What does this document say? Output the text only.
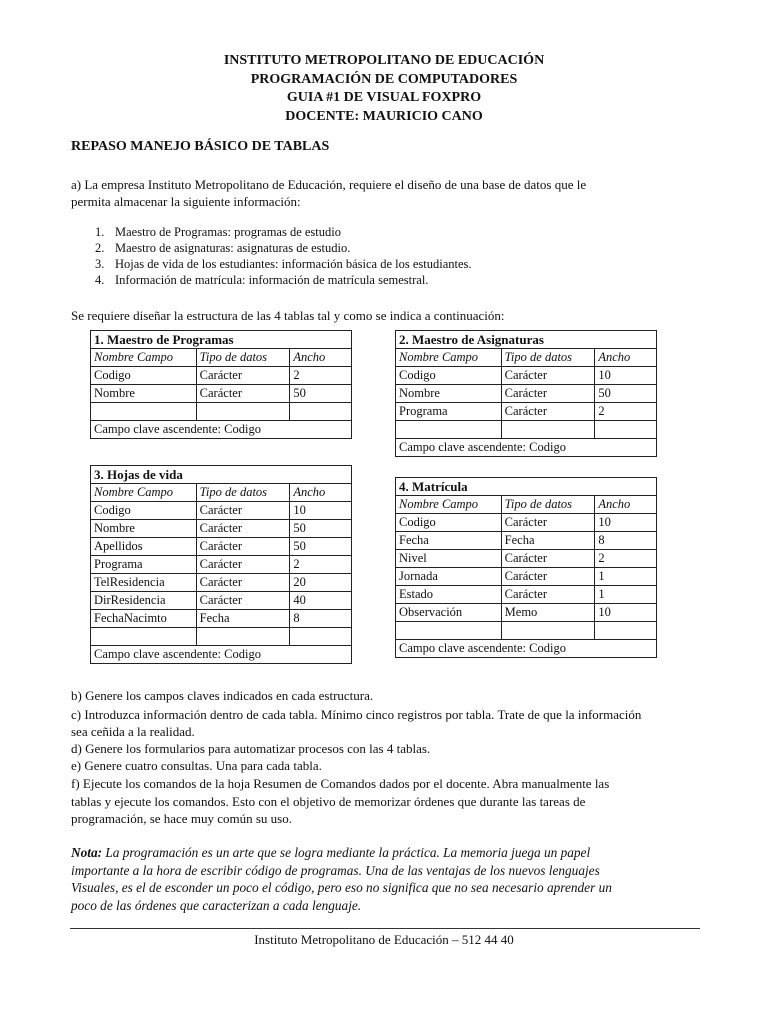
INSTITUTO METROPOLITANO DE EDUCACIÓN
PROGRAMACIÓN DE COMPUTADORES
GUIA #1 DE VISUAL FOXPRO
DOCENTE: MAURICIO CANO
REPASO MANEJO BÁSICO DE TABLAS
a) La empresa Instituto Metropolitano de Educación, requiere el diseño de una base de datos que le
permita almacenar la siguiente información:
1. Maestro de Programas: programas de estudio
2. Maestro de asignaturas: asignaturas de estudio.
3. Hojas de vida de los estudiantes: información básica de los estudiantes.
4. Información de matrícula: información de matrícula semestral.
Se requiere diseñar la estructura de las 4 tablas tal y como se indica a continuación:
1. Maestro de Programas		
Nombre Campo	Tipo de datos	Ancho
Codigo	Carácter	2
Nombre	Carácter	50

Campo clave ascendente: Codigo		
2. Maestro de Asignaturas		
Nombre Campo	Tipo de datos	Ancho
Codigo	Carácter	10
Nombre	Carácter	50
Programa	Carácter	2

Campo clave ascendente: Codigo		
3. Hojas de vida		
Nombre Campo	Tipo de datos	Ancho
Codigo	Carácter	10
Nombre	Carácter	50
Apellidos	Carácter	50
Programa	Carácter	2
TelResidencia	Carácter	20
DirResidencia	Carácter	40
FechaNacimto	Fecha	8

Campo clave ascendente: Codigo		
4. Matrícula		
Nombre Campo	Tipo de datos	Ancho
Codigo	Carácter	10
Fecha	Fecha	8
Nivel	Carácter	2
Jornada	Carácter	1
Estado	Carácter	1
Observación	Memo	10

Campo clave ascendente: Codigo		
b) Genere los campos claves indicados en cada estructura.
c) Introduzca información dentro de cada tabla. Mínimo cinco registros por tabla. Trate de que la información
sea ceñida a la realidad.
d) Genere los formularios para automatizar procesos con las 4 tablas.
e) Genere cuatro consultas. Una para cada tabla.
f) Ejecute los comandos de la hoja Resumen de Comandos dados por el docente. Abra manualmente las
tablas y ejecute los comandos. Esto con el objetivo de memorizar órdenes que durante las tareas de
programación, se hace muy común su uso.
Nota: La programación es un arte que se logra mediante la práctica. La memoria juega un papel
importante a la hora de escribir código de programas. Una de las ventajas de los nuevos lenguajes
Visuales, es el de esconder un poco el código, pero eso no significa que no sea necesario aprender un
poco de las órdenes que caracterizan a cada lenguaje.
Instituto Metropolitano de Educación – 512 44 40
